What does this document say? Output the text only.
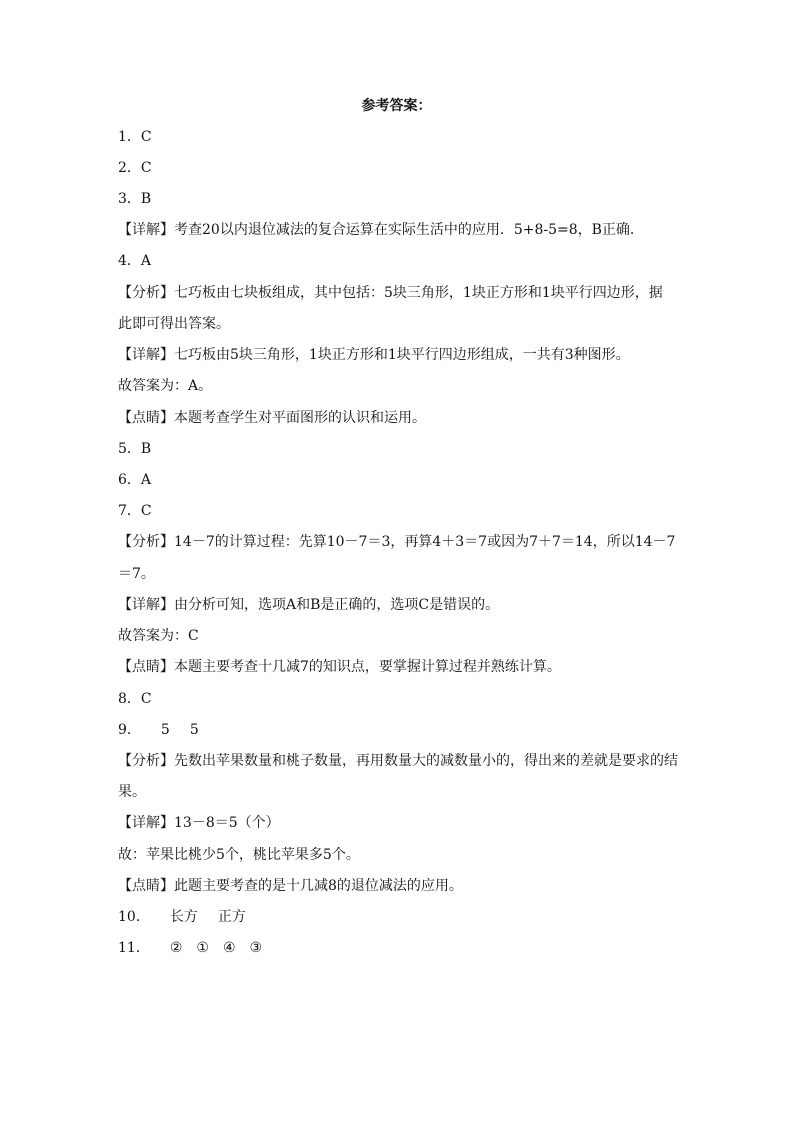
参考答案：
1．C
2．C
3．B
【详解】考查20以内退位减法的复合运算在实际生活中的应用．5+8-5=8，B正确．
4．A
【分析】七巧板由七块板组成，其中包括：5块三角形，1块正方形和1块平行四边形，据
此即可得出答案。
【详解】七巧板由5块三角形，1块正方形和1块平行四边形组成，一共有3种图形。
故答案为：A。
【点睛】本题考查学生对平面图形的认识和运用。
5．B
6．A
7．C
【分析】14－7的计算过程：先算10－7＝3，再算4＋3＝7或因为7＋7＝14，所以14－7
＝7。
【详解】由分析可知，选项A和B是正确的，选项C是错误的。
故答案为：C
【点睛】本题主要考查十几减7的知识点，要掌握计算过程并熟练计算。
8．C
9． 5 5
【分析】先数出苹果数量和桃子数量，再用数量大的减数量小的，得出来的差就是要求的结
果。
【详解】13－8＝5（个）
故：苹果比桃少5个，桃比苹果多5个。
【点睛】此题主要考查的是十几减8的退位减法的应用。
10． 长方 正方
11． ② ① ④ ③
